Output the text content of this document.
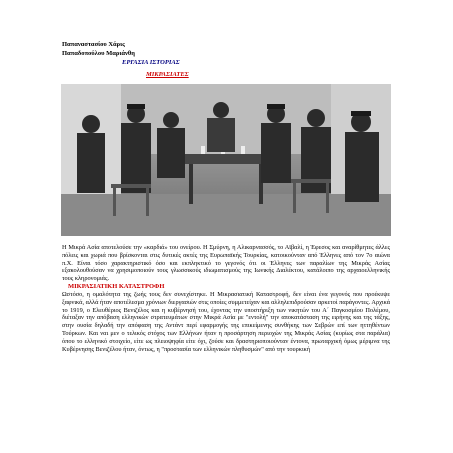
Παπαναστασίου Χάρις
Παπαδοπούλου Μαριάνθη
ΕΡΓΑΣΙΑ ΙΣΤΟΡΙΑΣ
ΜΙΚΡΑΣΙΑΤΕΣ

Η Μικρά Ασία αποτελούσε την «καρδιά» του ονείρου. Η Σμύρνη, η Αλικαρνασσός, το Αϊβαλί, η Έφεσος και αναρίθμητες άλλες πόλεις και χωριά που βρίσκονται στις δυτικές ακτές της Ευρωπαϊκής Τουρκίας, κατοικούνταν από Έλληνες από τον 7ο αιώνα π.Χ. Είναι τόσο χαρακτηριστικό όσο και εκπληκτικό το γεγονός ότι οι Έλληνες των παραλίων της Μικράς Ασίας εξακολουθούσαν να χρησιμοποιούν τους γλωσσικούς ιδιωματισμούς της Ιωνικής Διαλέκτου, κατάλοιπο της αρχαιοελληνικής τους κληρονομιάς.

ΜΙΚΡΑΣΙΑΤΙΚΗ ΚΑΤΑΣΤΡΟΦΗ

Ωστόσο, η ομαλότητα της ζωής τους δεν συνεχίστηκε. Η Μικρασιατική Καταστροφή, δεν είναι ένα γεγονός που προέκυψε ξαφνικά, αλλά ήταν αποτέλεσμα χρόνιων διεργασιών στις οποίες συμμετείχαν και αλληλεπιδρούσαν αρκετοί παράγοντες. Αρχικά το 1919, ο Ελευθέριος Βενιζέλος και η κυβέρνησή του, έχοντας την υποστήριξη των νικητών του Α΄ Παγκοσμίου Πολέμου, διέταξαν την απόβαση ελληνικών στρατευμάτων στην Μικρά Ασία με "εντολή" την αποκατάσταση της ειρήνης και της τάξης, στην ουσία δηλαδή την απόφαση της Αντάντ περί εφαρμογής της επικείμενης συνθήκης των Σεβρών επί των ηττηθέντων Τούρκων. Και ναι μεν ο τελικός στόχος των Ελλήνων ήταν η προσάρτηση περιοχών της Μικράς Ασίας (κυρίως στα παράλια) όπου το ελληνικό στοιχείο, είτε ως πλειοψηφία είτε όχι, ζούσε και δραστηριοποιούνταν έντονα, πρωταρχική όμως μέριμνα της Κυβέρνησης Βενιζέλου ήταν, όντως, η "προστασία των ελληνικών πληθυσμών" από την τουρκική
